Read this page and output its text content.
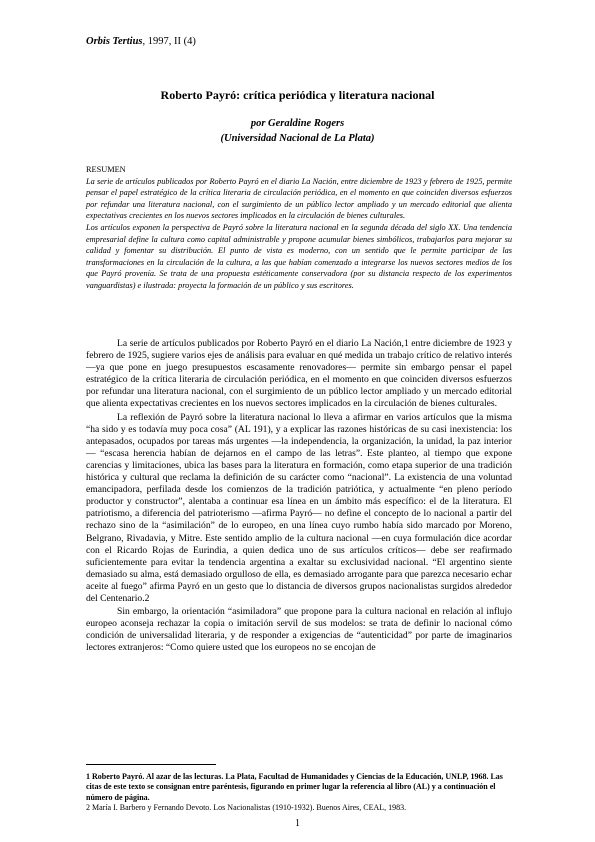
Orbis Tertius, 1997, II (4)
Roberto Payró: crítica periódica y literatura nacional
por Geraldine Rogers
(Universidad Nacional de La Plata)
RESUMEN

La serie de artículos publicados por Roberto Payró en el diario La Nación, entre diciembre de 1923 y febrero de 1925, permite pensar el papel estratégico de la crítica literaria de circulación periódica, en el momento en que coinciden diversos esfuerzos por refundar una literatura nacional, con el surgimiento de un público lector ampliado y un mercado editorial que alienta expectativas crecientes en los nuevos sectores implicados en la circulación de bienes culturales.

Los artículos exponen la perspectiva de Payró sobre la literatura nacional en la segunda década del siglo XX. Una tendencia empresarial define la cultura como capital administrable y propone acumular bienes simbólicos, trabajarlos para mejorar su calidad y fomentar su distribución. El punto de vista es moderno, con un sentido que le permite participar de las transformaciones en la circulación de la cultura, a las que habían comenzado a integrarse los nuevos sectores medios de los que Payró provenía. Se trata de una propuesta estéticamente conservadora (por su distancia respecto de los experimentos vanguardistas) e ilustrada: proyecta la formación de un público y sus escritores.

La serie de artículos publicados por Roberto Payró en el diario La Nación,1 entre diciembre de 1923 y febrero de 1925, sugiere varios ejes de análisis para evaluar en qué medida un trabajo crítico de relativo interés —ya que pone en juego presupuestos escasamente renovadores— permite sin embargo pensar el papel estratégico de la crítica literaria de circulación periódica, en el momento en que coinciden diversos esfuerzos por refundar una literatura nacional, con el surgimiento de un público lector ampliado y un mercado editorial que alienta expectativas crecientes en los nuevos sectores implicados en la circulación de bienes culturales.

La reflexión de Payró sobre la literatura nacional lo lleva a afirmar en varios artículos que la misma “ha sido y es todavía muy poca cosa” (AL 191), y a explicar las razones históricas de su casi inexistencia: los antepasados, ocupados por tareas más urgentes —la independencia, la organización, la unidad, la paz interior— “escasa herencia habían de dejarnos en el campo de las letras”. Este planteo, al tiempo que expone carencias y limitaciones, ubica las bases para la literatura en formación, como etapa superior de una tradición histórica y cultural que reclama la definición de su carácter como “nacional”. La existencia de una voluntad emancipadora, perfilada desde los comienzos de la tradición patriótica, y actualmente “en pleno período productor y constructor”, alentaba a continuar esa línea en un ámbito más específico: el de la literatura. El patriotismo, a diferencia del patrioterismo —afirma Payró— no define el concepto de lo nacional a partir del rechazo sino de la “asimilación” de lo europeo, en una línea cuyo rumbo había sido marcado por Moreno, Belgrano, Rivadavia, y Mitre. Este sentido amplio de la cultura nacional —en cuya formulación dice acordar con el Ricardo Rojas de Eurindia, a quien dedica uno de sus artículos críticos— debe ser reafirmado suficientemente para evitar la tendencia argentina a exaltar su exclusividad nacional. “El argentino siente demasiado su alma, está demasiado orgulloso de ella, es demasiado arrogante para que parezca necesario echar aceite al fuego” afirma Payró en un gesto que lo distancia de diversos grupos nacionalistas surgidos alrededor del Centenario.2

Sin embargo, la orientación “asimiladora” que propone para la cultura nacional en relación al influjo europeo aconseja rechazar la copia o imitación servil de sus modelos: se trata de definir lo nacional cómo condición de universalidad literaria, y de responder a exigencias de “autenticidad” por parte de imaginarios lectores extranjeros: “Como quiere usted que los europeos no se encojan de

1 Roberto Payró. Al azar de las lecturas. La Plata, Facultad de Humanidades y Ciencias de la Educación, UNLP, 1968. Las citas de este texto se consignan entre paréntesis, figurando en primer lugar la referencia al libro (AL) y a continuación el número de página.

2 María I. Barbero y Fernando Devoto. Los Nacionalistas (1910-1932). Buenos Aires, CEAL, 1983.

1
